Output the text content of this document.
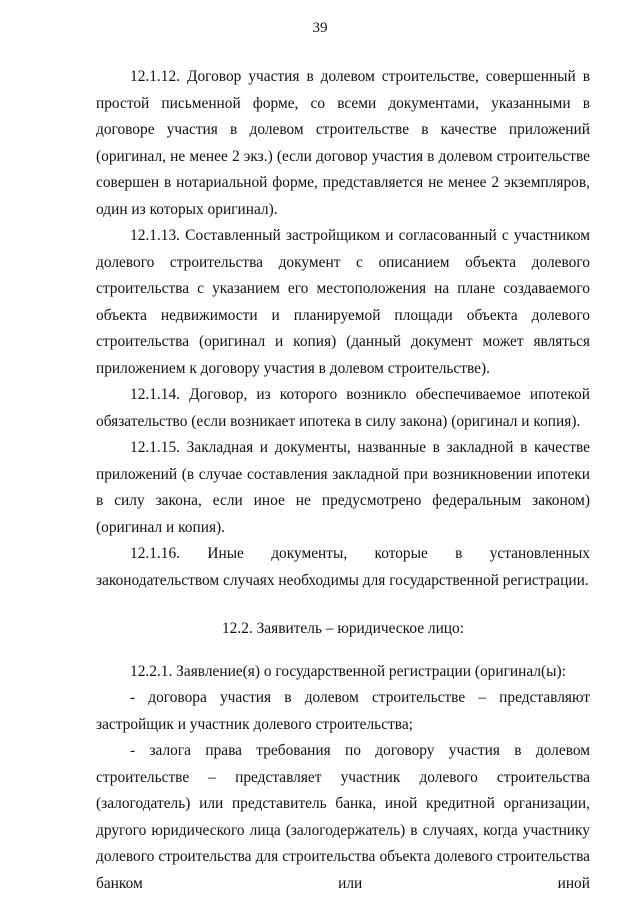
39

12.1.12. Договор участия в долевом строительстве, совершенный в простой письменной форме, со всеми документами, указанными в договоре участия в долевом строительстве в качестве приложений (оригинал, не менее 2 экз.) (если договор участия в долевом строительстве совершен в нотариальной форме, представляется не менее 2 экземпляров, один из которых оригинал).

12.1.13. Составленный застройщиком и согласованный с участником долевого строительства документ с описанием объекта долевого строительства с указанием его местоположения на плане создаваемого объекта недвижимости и планируемой площади объекта долевого строительства (оригинал и копия) (данный документ может являться приложением к договору участия в долевом строительстве).

12.1.14. Договор, из которого возникло обеспечиваемое ипотекой обязательство (если возникает ипотека в силу закона) (оригинал и копия).

12.1.15. Закладная и документы, названные в закладной в качестве приложений (в случае составления закладной при возникновении ипотеки в силу закона, если иное не предусмотрено федеральным законом) (оригинал и копия).

12.1.16. Иные документы, которые в установленных законодательством случаях необходимы для государственной регистрации.

12.2. Заявитель – юридическое лицо:

12.2.1. Заявление(я) о государственной регистрации (оригинал(ы):

- договора участия в долевом строительстве – представляют застройщик и участник долевого строительства;

- залога права требования по договору участия в долевом строительстве – представляет участник долевого строительства (залогодатель) или представитель банка, иной кредитной организации, другого юридического лица (залогодержатель) в случаях, когда участнику долевого строительства для строительства объекта долевого строительства банком или иной
